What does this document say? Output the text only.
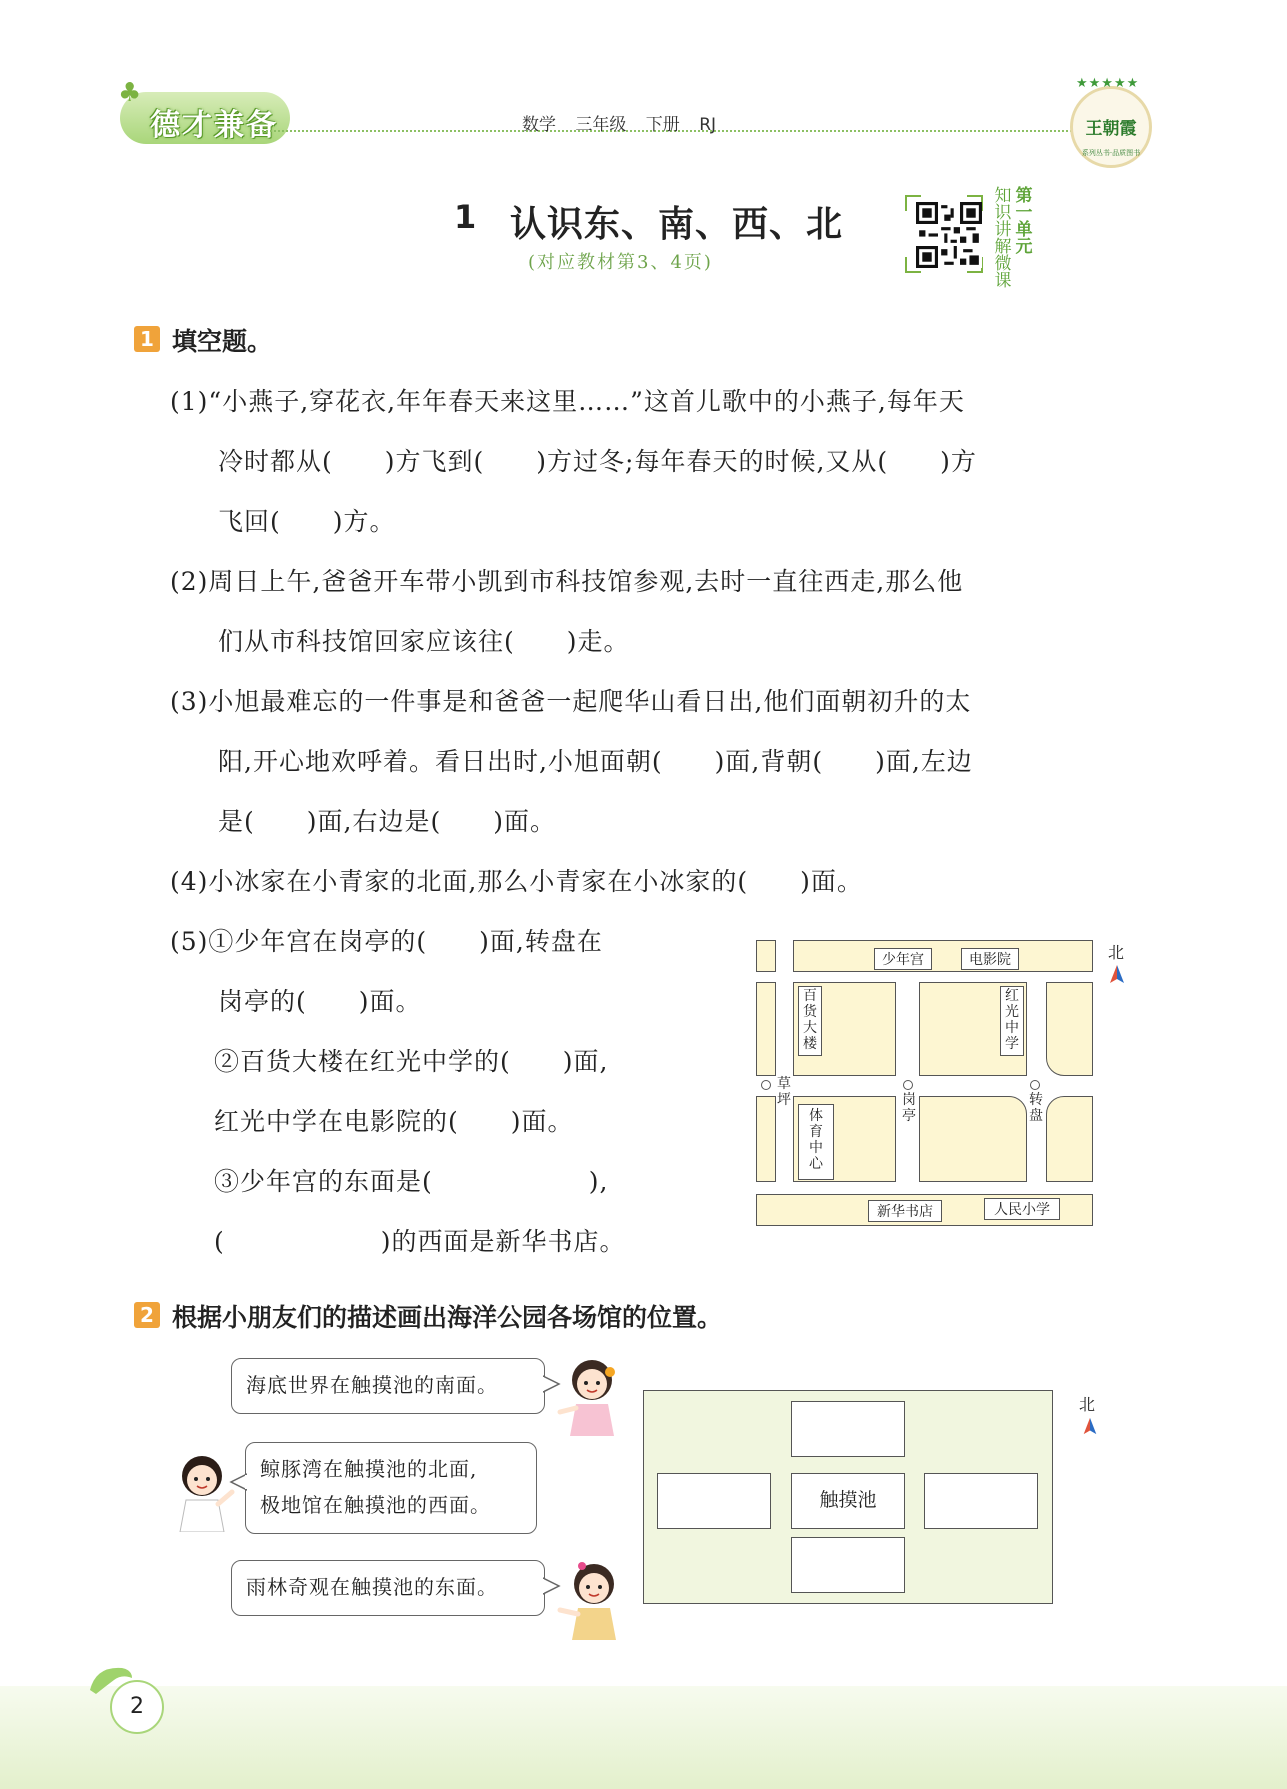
♣
德才兼备	数学 三年级 下册 RJ
★★★★★
王朝霞
系列丛书·品质图书
1 认识东、南、西、北
(对应教材第3、4页)
知识讲解微课
第一单元
1 填空题。
(1)“小燕子,穿花衣,年年春天来这里……”这首儿歌中的小燕子,每年天
冷时都从(　　)方飞到(　　)方过冬;每年春天的时候,又从(　　)方
飞回(　　)方。
(2)周日上午,爸爸开车带小凯到市科技馆参观,去时一直往西走,那么他
们从市科技馆回家应该往(　　)走。
(3)小旭最难忘的一件事是和爸爸一起爬华山看日出,他们面朝初升的太
阳,开心地欢呼着。看日出时,小旭面朝(　　)面,背朝(　　)面,左边
是(　　)面,右边是(　　)面。
(4)小冰家在小青家的北面,那么小青家在小冰家的(　　)面。
(5)①少年宫在岗亭的(　　)面,转盘在
岗亭的(　　)面。
②百货大楼在红光中学的(　　)面,
红光中学在电影院的(　　)面。
③少年宫的东面是(　　　　　　),
(　　　　　　)的西面是新华书店。
少年宫	电影院
百货大楼
红光中学
草坪	岗亭
转盘
体育中心
新华书店	人民小学
北
2 根据小朋友们的描述画出海洋公园各场馆的位置。
海底世界在触摸池的南面。
鲸豚湾在触摸池的北面,
极地馆在触摸池的西面。
雨林奇观在触摸池的东面。
触摸池
北
2
